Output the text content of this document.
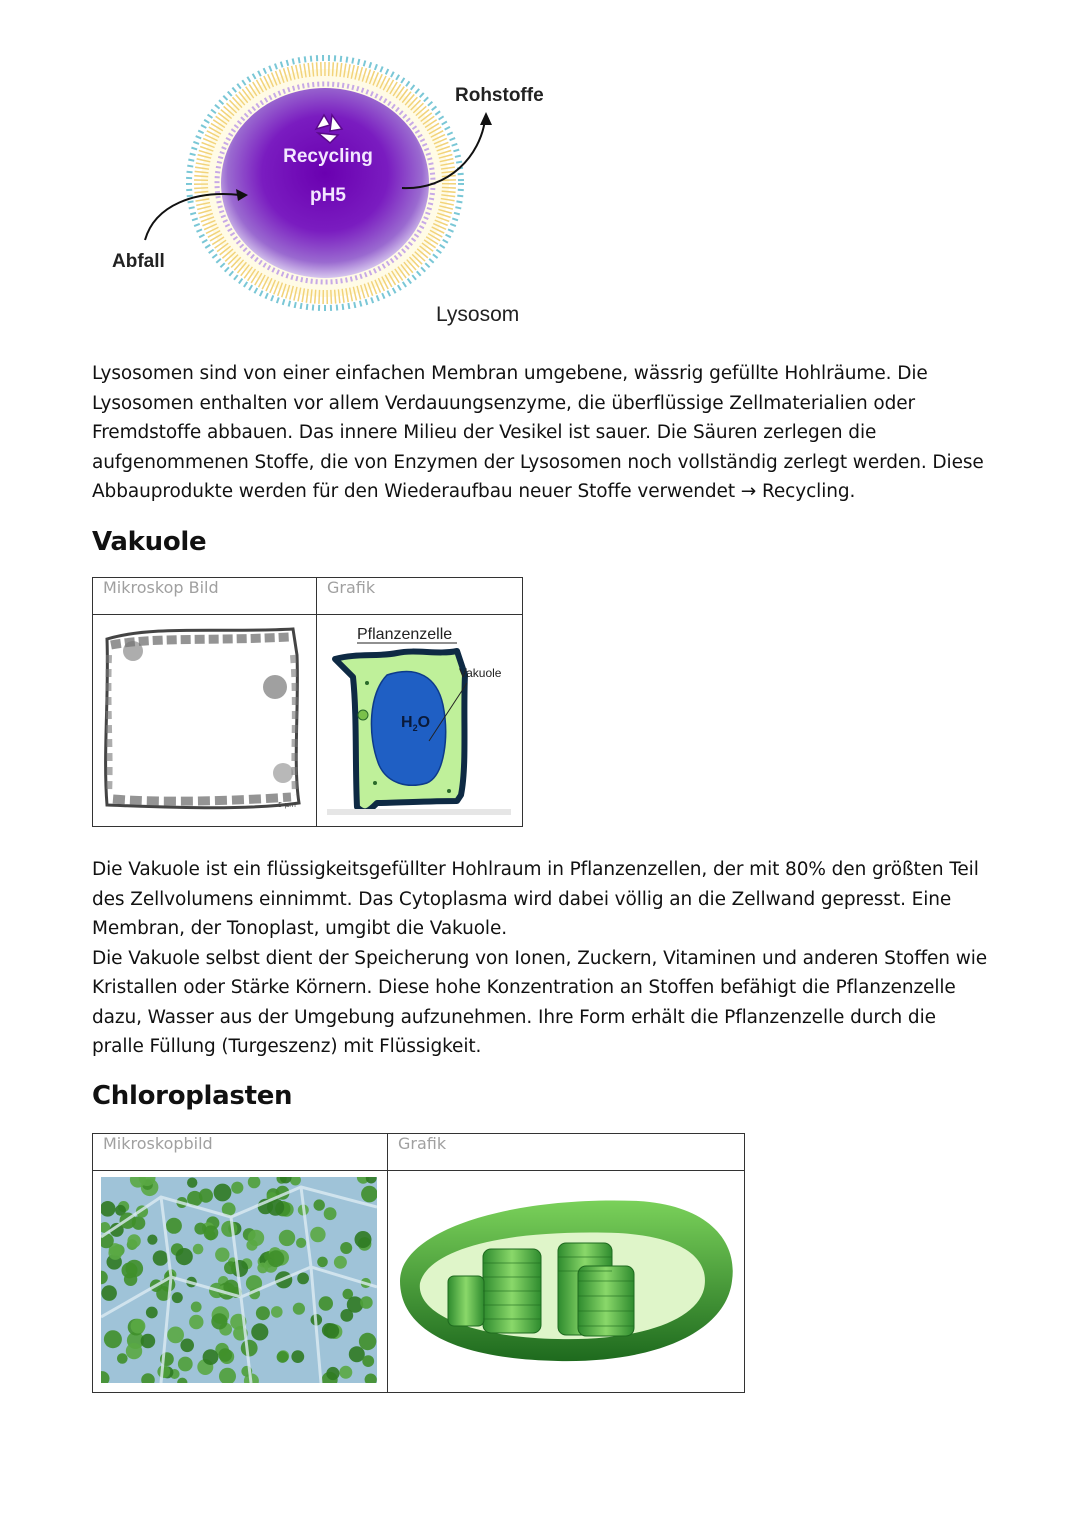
Recycling
pH5
Abfall
Rohstoffe
Lysosom

Lysosomen sind von einer einfachen Membran umgebene, wässrig gefüllte Hohlräume. Die Lysosomen enthalten vor allem Verdauungsenzyme, die überflüssige Zellmaterialien oder Fremdstoffe abbauen. Das innere Milieu der Vesikel ist sauer. Die Säuren zerlegen die aufgenommenen Stoffe, die von Enzymen der Lysosomen noch vollständig zerlegt werden. Diese Abbauprodukte werden für den Wiederaufbau neuer Stoffe verwendet → Recycling.

Vakuole
Mikroskop Bild	Grafik

5 µm	Pflanzenzelle
$H_2O$
Vakuole

Die Vakuole ist ein flüssigkeitsgefüllter Hohlraum in Pflanzenzellen, der mit 80% den größten Teil des Zellvolumens einnimmt. Das Cytoplasma wird dabei völlig an die Zellwand gepresst. Eine Membran, der Tonoplast, umgibt die Vakuole.

Die Vakuole selbst dient der Speicherung von Ionen, Zuckern, Vitaminen und anderen Stoffen wie Kristallen oder Stärke Körnern. Diese hohe Konzentration an Stoffen befähigt die Pflanzenzelle dazu, Wasser aus der Umgebung aufzunehmen. Ihre Form erhält die Pflanzenzelle durch die pralle Füllung (Turgeszenz) mit Flüssigkeit.

Chloroplasten
Mikroskopbild	Grafik
